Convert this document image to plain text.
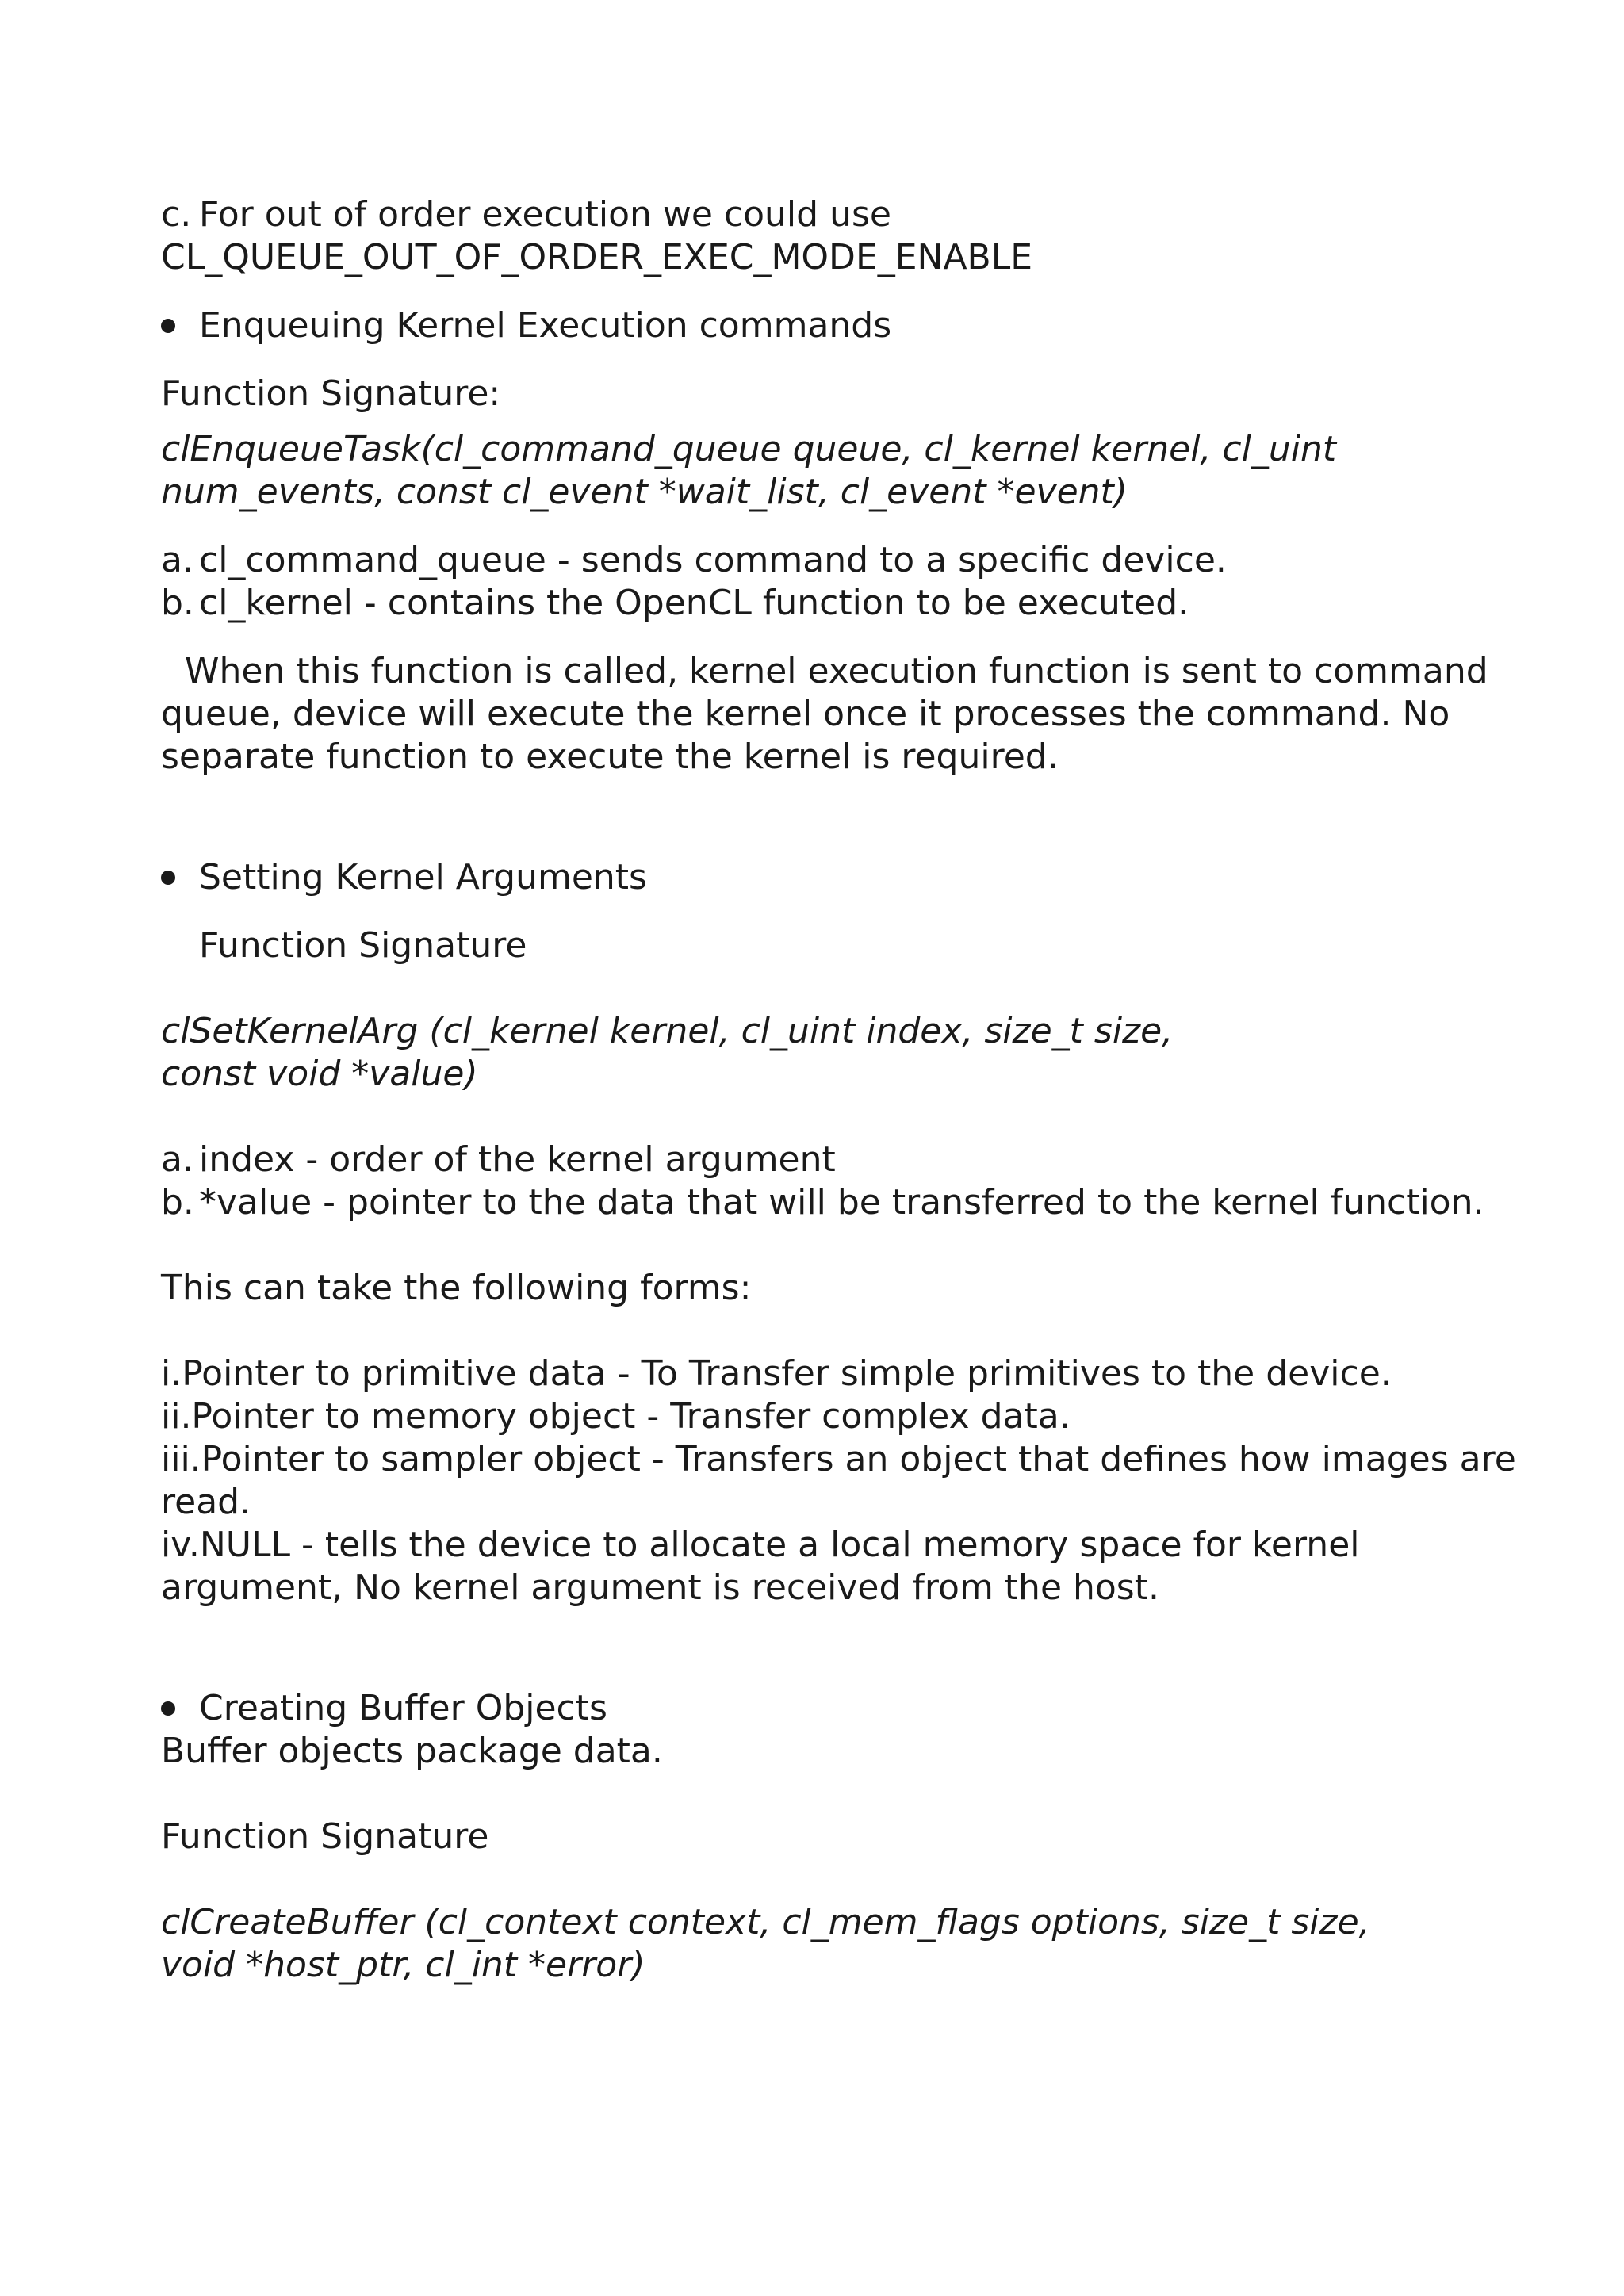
c. For out of order execution we could use
CL_QUEUE_OUT_OF_ORDER_EXEC_MODE_ENABLE
Enqueuing Kernel Execution commands
Function Signature:
clEnqueueTask(cl_command_queue queue, cl_kernel kernel, cl_uint
num_events, const cl_event *wait_list, cl_event *event)
a. cl_command_queue - sends command to a specific device.
b. cl_kernel - contains the OpenCL function to be executed.
When this function is called, kernel execution function is sent to command
queue, device will execute the kernel once it processes the command. No
separate function to execute the kernel is required.
Setting Kernel Arguments
Function Signature
clSetKernelArg (cl_kernel kernel, cl_uint index, size_t size,
const void *value)
a. index - order of the kernel argument
b. *value - pointer to the data that will be transferred to the kernel function.
This can take the following forms:
i.Pointer to primitive data - To Transfer simple primitives to the device.
ii.Pointer to memory object - Transfer complex data.
iii.Pointer to sampler object - Transfers an object that defines how images are
read.
iv.NULL - tells the device to allocate a local memory space for kernel
argument, No kernel argument is received from the host.
Creating Buffer Objects
Buffer objects package data.
Function Signature
clCreateBuffer (cl_context context, cl_mem_flags options, size_t size,
void *host_ptr, cl_int *error)
